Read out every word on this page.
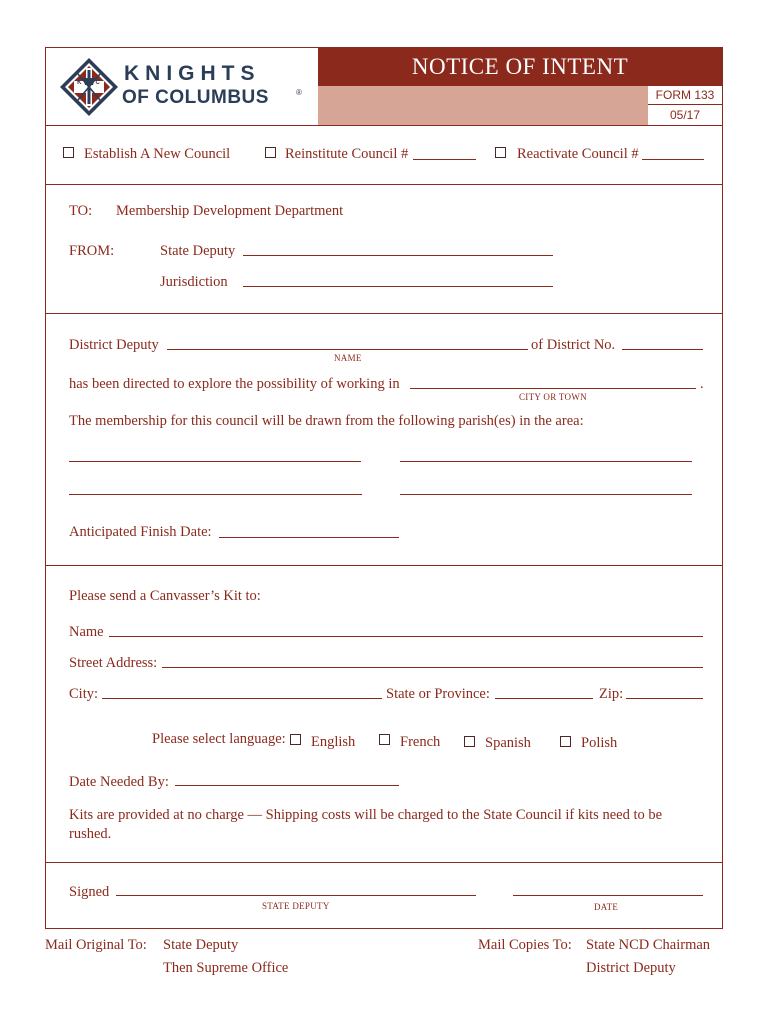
K of C	KNIGHTS
OF COLUMBUS	®
NOTICE OF INTENT
FORM 133
05/17
Establish A New Council	Reinstitute Council #	Reactivate Council #
TO: Membership Development Department
FROM:	State Deputy
Jurisdiction
District Deputy
NAME
of District No.
has been directed to explore the possibility of working in	.
CITY OR TOWN
The membership for this council will be drawn from the following parish(es) in the area:
Anticipated Finish Date:
Please send a Canvasser’s Kit to:
Name
Street Address:
City:	State or Province:	Zip:
Please select language: English	French	Spanish	Polish
Date Needed By:
Kits are provided at no charge — Shipping costs will be charged to the State Council if kits need to be
rushed.
Signed
STATE DEPUTY	DATE
Mail Original To: State Deputy
Then Supreme Office
Mail Copies To: State NCD Chairman
District Deputy
